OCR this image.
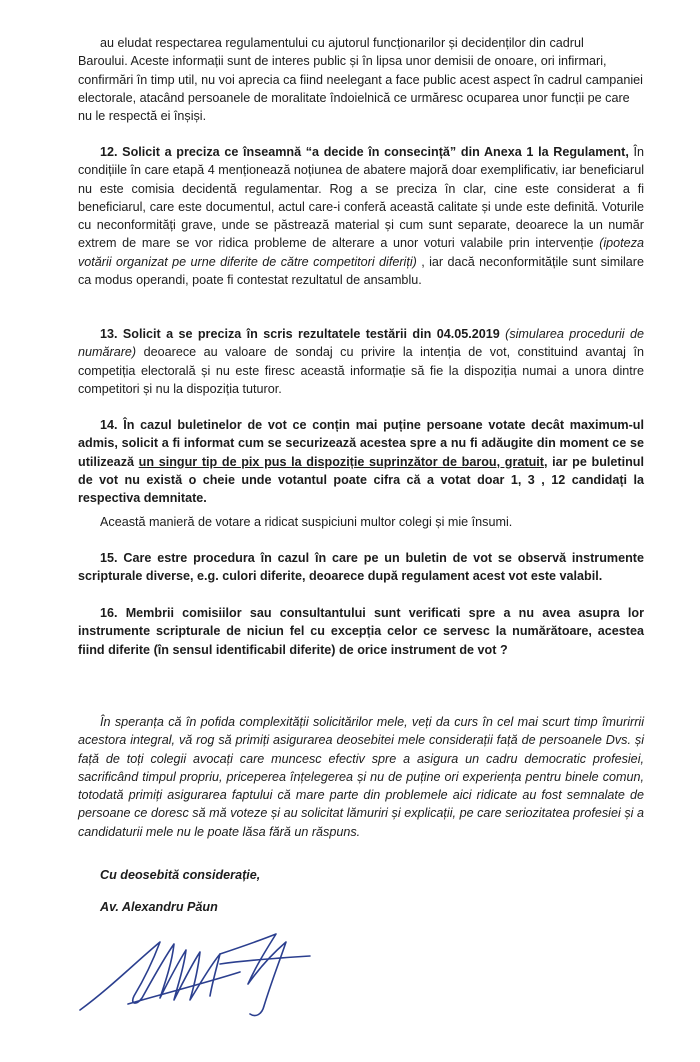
au eludat respectarea regulamentului cu ajutorul funcționarilor și decidenților din cadrul
Baroului. Aceste informații sunt de interes public și în lipsa unor demisii de onoare, ori infirmari,
confirmări în timp util, nu voi aprecia ca fiind neelegant a face public acest aspect în cadrul campaniei
electorale, atacând persoanele de moralitate îndoielnică ce urmăresc ocuparea unor funcții pe care
nu le respectă ei înșiși.

12. Solicit a preciza ce înseamnă “a decide în consecință” din Anexa 1 la Regulament, În condițiile în care etapă 4 menționează noțiunea de abatere majoră doar exemplificativ, iar beneficiarul nu este comisia decidentă regulamentar. Rog a se preciza în clar, cine este considerat a fi beneficiarul, care este documentul, actul care-i conferă această calitate și unde este definită. Voturile cu neconformități grave, unde se păstrează material și cum sunt separate, deoarece la un număr extrem de mare se vor ridica probleme de alterare a unor voturi valabile prin intervenție (ipoteza votării organizat pe urne diferite de către competitori diferiți) , iar dacă neconformitățile sunt similare ca modus operandi, poate fi contestat rezultatul de ansamblu.

13. Solicit a se preciza în scris rezultatele testării din 04.05.2019 (simularea procedurii de numărare) deoarece au valoare de sondaj cu privire la intenția de vot, constituind avantaj în competiția electorală și nu este firesc această informație să fie la dispoziția numai a unora dintre competitori și nu la dispoziția tuturor.

14. În cazul buletinelor de vot ce conțin mai puține persoane votate decât maximum-ul admis, solicit a fi informat cum se securizează acestea spre a nu fi adăugite din moment ce se utilizează un singur tip de pix pus la dispoziție suprinzător de barou, gratuit, iar pe buletinul de vot nu există o cheie unde votantul poate cifra că a votat doar 1, 3 , 12 candidați la respectiva demnitate.

Această manieră de votare a ridicat suspiciuni multor colegi și mie însumi.

15. Care estre procedura în cazul în care pe un buletin de vot se observă instrumente scripturale diverse, e.g. culori diferite, deoarece după regulament acest vot este valabil.

16. Membrii comisiilor sau consultantului sunt verificati spre a nu avea asupra lor instrumente scripturale de niciun fel cu excepția celor ce servesc la numărătoare, acestea fiind diferite (în sensul identificabil diferite) de orice instrument de vot ?

În speranța că în pofida complexității solicitărilor mele, veți da curs în cel mai scurt timp îmurirrii acestora integral, vă rog să primiți asigurarea deosebitei mele considerații față de persoanele Dvs. și față de toți colegii avocați care muncesc efectiv spre a asigura un cadru democratic profesiei, sacrificând timpul propriu, priceperea înțelegerea și nu de puține ori experiența pentru binele comun, totodată primiți asigurarea faptului că mare parte din problemele aici ridicate au fost semnalate de persoane ce doresc să mă voteze și au solicitat lămuriri și explicații, pe care seriozitatea profesiei și a candidaturii mele nu le poate lăsa fără un răspuns.

Cu deosebită considerație,
Av. Alexandru Păun
